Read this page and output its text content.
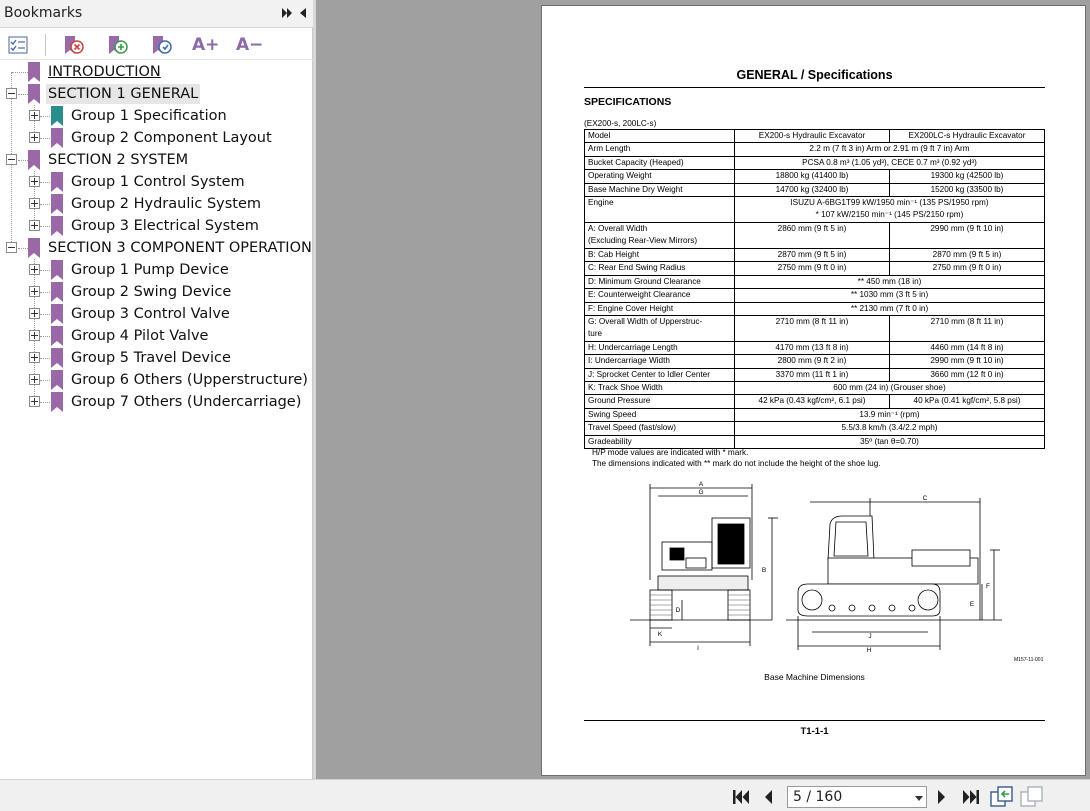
Bookmarks
A+ A−
INTRODUCTION
SECTION 1 GENERAL
Group 1 Specification
Group 2 Component Layout
SECTION 2 SYSTEM
Group 1 Control System
Group 2 Hydraulic System
Group 3 Electrical System
SECTION 3 COMPONENT OPERATION
Group 1 Pump Device
Group 2 Swing Device
Group 3 Control Valve
Group 4 Pilot Valve
Group 5 Travel Device
Group 6 Others (Upperstructure)
Group 7 Others (Undercarriage)
GENERAL / Specifications
SPECIFICATIONS
(EX200-s, 200LC-s)
Model	EX200-s Hydraulic Excavator	EX200LC-s Hydraulic Excavator
Arm Length	2.2 m (7 ft 3 in) Arm or 2.91 m (9 ft 7 in) Arm	
Bucket Capacity (Heaped)	PCSA 0.8 m³ (1.05 yd³), CECE 0.7 m³ (0.92 yd³)	
Operating Weight	18800 kg (41400 lb)	19300 kg (42500 lb)
Base Machine Dry Weight	14700 kg (32400 lb)	15200 kg (33500 lb)
Engine	ISUZU A-6BG1T99 kW/1950 min⁻¹ (135 PS/1950 rpm)
* 107 kW/2150 min⁻¹ (145 PS/2150 rpm)	
A: Overall Width
(Excluding Rear-View Mirrors)	2860 mm (9 ft 5 in)	2990 mm (9 ft 10 in)
B: Cab Height	2870 mm (9 ft 5 in)	2870 mm (9 ft 5 in)
C: Rear End Swing Radius	2750 mm (9 ft 0 in)	2750 mm (9 ft 0 in)
D: Minimum Ground Clearance	** 450 mm (18 in)	
E: Counterweight Clearance	** 1030 mm (3 ft 5 in)	
F: Engine Cover Height	** 2130 mm (7 ft 0 in)	
G: Overall Width of Upperstruc-
ture	2710 mm (8 ft 11 in)	2710 mm (8 ft 11 in)
H: Undercarriage Length	4170 mm (13 ft 8 in)	4460 mm (14 ft 8 in)
I: Undercarriage Width	2800 mm (9 ft 2 in)	2990 mm (9 ft 10 in)
J: Sprocket Center to Idler Center	3370 mm (11 ft 1 in)	3660 mm (12 ft 0 in)
K: Track Shoe Width	600 mm (24 in) (Grouser shoe)	
Ground Pressure	42 kPa (0.43 kgf/cm², 6.1 psi)	40 kPa (0.41 kgf/cm², 5.8 psi)
Swing Speed	13.9 min⁻¹ (rpm)	
Travel Speed (fast/slow)	5.5/3.8 km/h (3.4/2.2 mph)	
Gradeability	35º (tan θ=0.70)	
H/P mode values are indicated with * mark.
The dimensions indicated with ** mark do not include the height of the shoe lug.
A
G
B
D
K
I
C
F
E
J
H
M157-11-001
Base Machine Dimensions
T1-1-1
5 / 160
